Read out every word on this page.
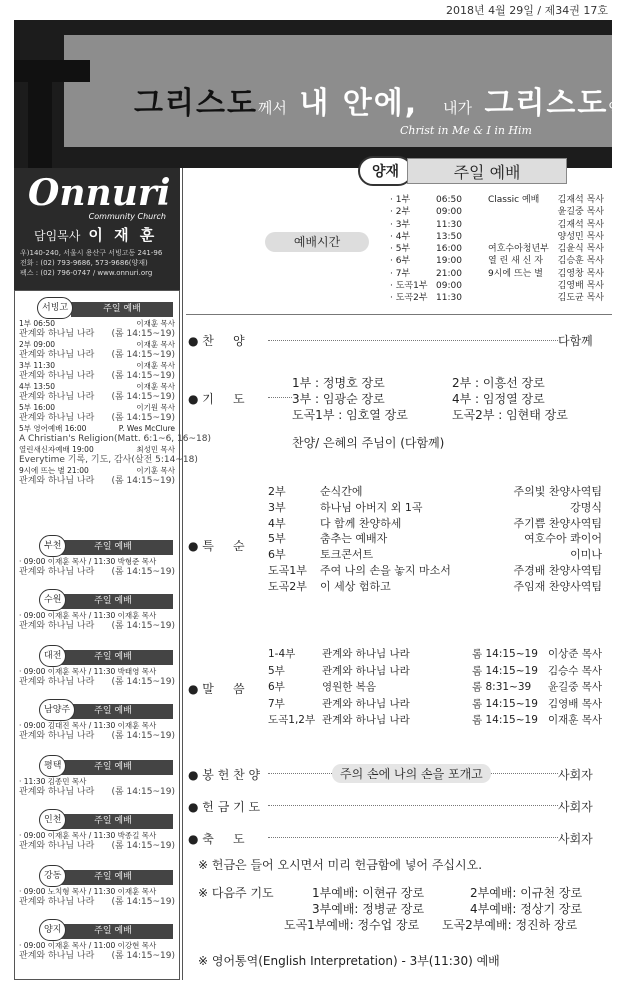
2018년 4월 29일 / 제34권 17호
그리스도께서 내 안에, 내가 그리스도안에
Christ in Me & I in Him
양재	주일 예배
Onnuri
Community Church
담임목사 이 재 훈
우)140-240, 서울시 용산구 서빙고동 241-96
전화 : (02) 793-9686, 573-9686(양재)
팩스 : (02) 796-0747 / www.onnuri.org
서빙고	주일 예배
1부 06:50	이재훈 목사
관계와 하나님 나라 (롬 14:15~19)
2부 09:00	이재훈 목사
관계와 하나님 나라 (롬 14:15~19)
3부 11:30	이재훈 목사
관계와 하나님 나라 (롬 14:15~19)
4부 13:50	이재훈 목사
관계와 하나님 나라 (롬 14:15~19)
5부 16:00	이기원 목사
관계와 하나님 나라 (롬 14:15~19)
5부 영어예배 16:00	P. Wes McClure
A Christian's Religion (Matt. 6:1~6, 16~18)
열린새신자예배 19:00	최성민 목사
Everytime 기록, 기도, 감사 (살전 5:14~18)
9시에 뜨는 별 21:00	이기훈 목사
관계와 하나님 나라 (롬 14:15~19)
부천	주일 예배
· 09:00 이재훈 목사 / 11:30 박형준 목사
관계와 하나님 나라 (롬 14:15~19)
수원	주일 예배
· 09:00 이재훈 목사 / 11:30 이재훈 목사
관계와 하나님 나라 (롬 14:15~19)
대전	주일 예배
· 09:00 이재훈 목사 / 11:30 박태영 목사
관계와 하나님 나라 (롬 14:15~19)
남양주	주일 예배
· 09:00 김대진 목사 / 11:30 이재훈 목사
관계와 하나님 나라 (롬 14:15~19)
평택	주일 예배
· 11:30 김종민 목사
관계와 하나님 나라 (롬 14:15~19)
인천	주일 예배
· 09:00 이재훈 목사 / 11:30 박종길 목사
관계와 하나님 나라 (롬 14:15~19)
강동	주일 예배
· 09:00 노치형 목사 / 11:30 이재훈 목사
관계와 하나님 나라 (롬 14:15~19)
양지	주일 예배
· 09:00 이재훈 목사 / 11:00 이강현 목사
관계와 하나님 나라 (롬 14:15~19)
예배시간
· 1부	06:50	Classic 예배	김재석 목사
· 2부	09:00	윤길중 목사
· 3부	11:30	김재석 목사
· 4부	13:50	양성민 목사
· 5부	16:00	여호수아청년부 김윤식 목사
· 6부	19:00	열 린 새 신 자	김승훈 목사
· 7부	21:00	9시에 뜨는 별	김영창 목사
· 도곡1부 09:00	김영배 목사
· 도곡2부 11:30	김도균 목사
● 찬     양	다함께
● 기     도
1부 : 정명호 장로	2부 : 이흥선 장로
3부 : 임광순 장로	4부 : 임정열 장로
도곡1부 : 임호열 장로	도곡2부 : 임현태 장로
찬양/ 은혜의 주님이 (다함께)
● 특     순
2부	순식간에	주의빛 찬양사역팀
3부	하나님 아버지 외 1곡	강명식
4부	다 함께 찬양하세	주기쁨 찬양사역팀
5부	춤추는 예배자	여호수아 콰이어
6부	토크콘서트	이미나
도곡1부	주여 나의 손을 놓지 마소서	주경배 찬양사역팀
도곡2부	이 세상 험하고	주임재 찬양사역팀
● 말     씀
1-4부	관계와 하나님 나라	롬 14:15~19 이상준 목사
5부	관계와 하나님 나라	롬 14:15~19 김승수 목사
6부	영원한 복음	롬 8:31~39	윤길중 목사
7부	관계와 하나님 나라	롬 14:15~19 김영배 목사
도곡1,2부 관계와 하나님 나라	롬 14:15~19 이재훈 목사
● 봉 헌 찬 양	주의 손에 나의 손을 포개고	사회자
● 헌 금 기 도	사회자
● 축     도	사회자
※ 헌금은 들어 오시면서 미리 헌금함에 넣어 주십시오.
※ 다음주 기도	1부예배: 이현규 장로	2부예배: 이규천 장로
3부예배: 정병균 장로	4부예배: 정상기 장로
도곡1부예배: 정수업 장로 도곡2부예배: 정진하 장로
※ 영어통역(English Interpretation) - 3부(11:30) 예배
